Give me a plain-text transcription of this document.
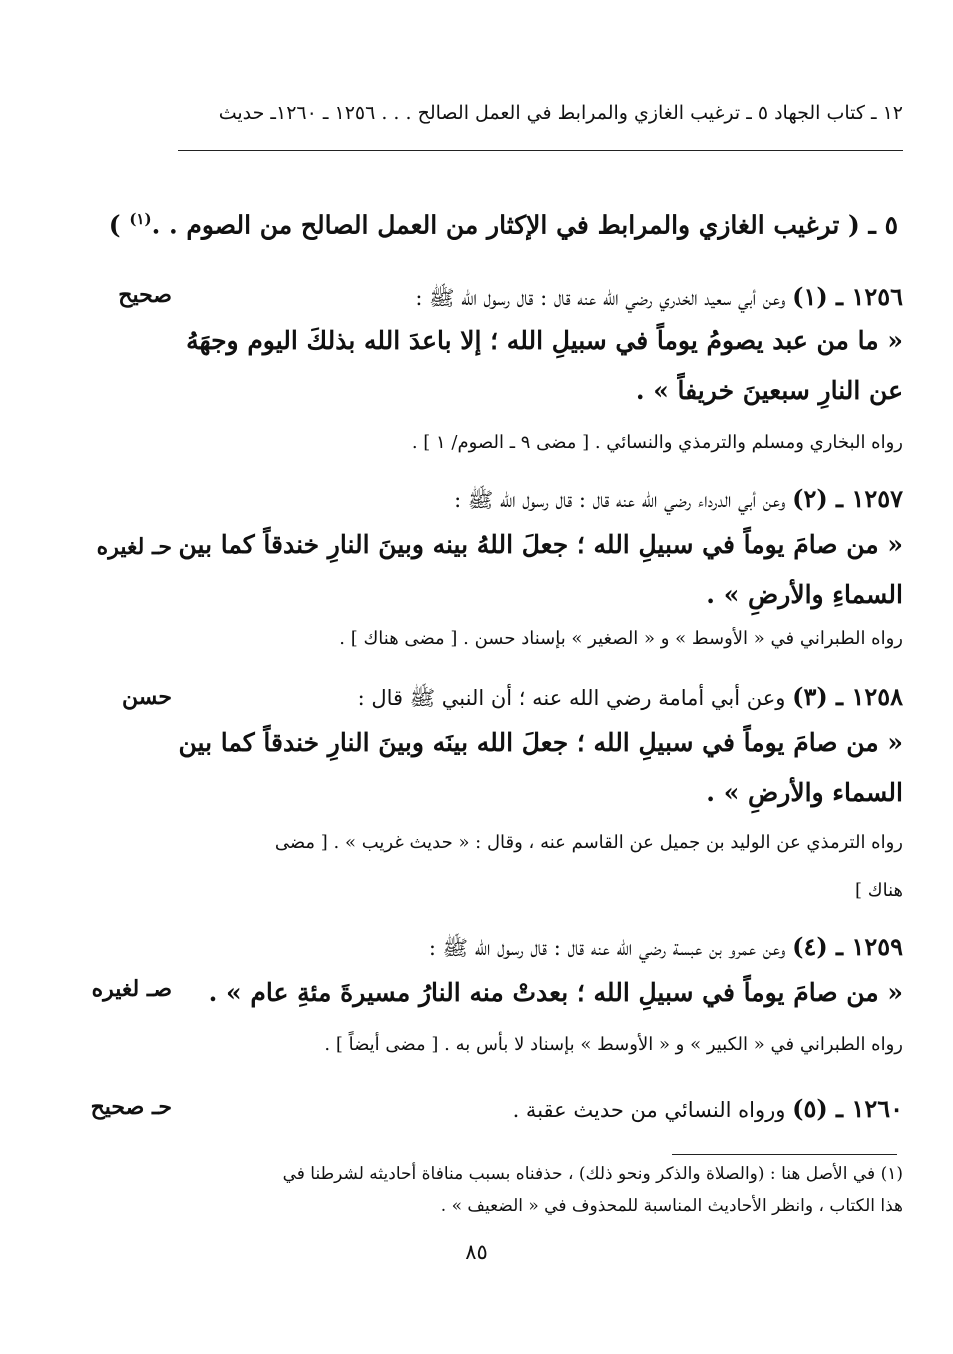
١٢ ـ كتاب الجهاد ٥ ـ ترغيب الغازي والمرابط في العمل الصالح . . . ١٢٥٦ ـ ١٢٦٠ـ حديث
٥ ـ ( ترغيب الغازي والمرابط في الإكثار من العمل الصالح من الصوم . .$^{(١)}$ )
١٢٥٦ ـ (١) وعن أبي سعيد الخدري رضي الله عنه قال : قال رسول الله ﷺ :
صحيح
« ما من عبد يصومُ يوماً في سبيلِ الله ؛ إلا باعدَ الله بذلكَ اليوم وجهَهُ
عن النارِ سبعينَ خريفاً » .
رواه البخاري ومسلم والترمذي والنسائي . [ مضى ٩ ـ الصوم/ ١ ] .
١٢٥٧ ـ (٢) وعن أبي الدرداء رضي الله عنه قال : قال رسول الله ﷺ :
حـ لغيره « من صامَ يوماً في سبيلِ الله ؛ جعلَ اللهُ بينه وبينَ النارِ خندقاً كما بين
السماءِ والأرضِ » .
رواه الطبراني في « الأوسط » و « الصغير » بإسناد حسن . [ مضى هناك ] .
١٢٥٨ ـ (٣) وعن أبي أمامة رضي الله عنه ؛ أن النبي ﷺ قال :
حسن
« من صامَ يوماً في سبيلِ الله ؛ جعلَ الله بينَه وبينَ النارِ خندقاً كما بين
السماء والأرضِ » .
رواه الترمذي عن الوليد بن جميل عن القاسم عنه ، وقال : « حديث غريب » . [ مضى
هناك ]
١٢٥٩ ـ (٤) وعن عمرو بن عبسة رضي الله عنه قال : قال رسول الله ﷺ :
صـ لغيره « من صامَ يوماً في سبيلِ الله ؛ بعدتْ منه النارُ مسيرةَ مئةِ عام » .
رواه الطبراني في « الكبير » و « الأوسط » بإسناد لا بأس به . [ مضى أيضاً ] .
١٢٦٠ ـ (٥) ورواه النسائي من حديث عقبة .
حـ صحيح
(١) في الأصل هنا : (والصلاة والذكر ونحو ذلك) ، حذفناه بسبب منافاة أحاديثه لشرطنا في
هذا الكتاب ، وانظر الأحاديث المناسبة للمحذوف في « الضعيف » .
٨٥
